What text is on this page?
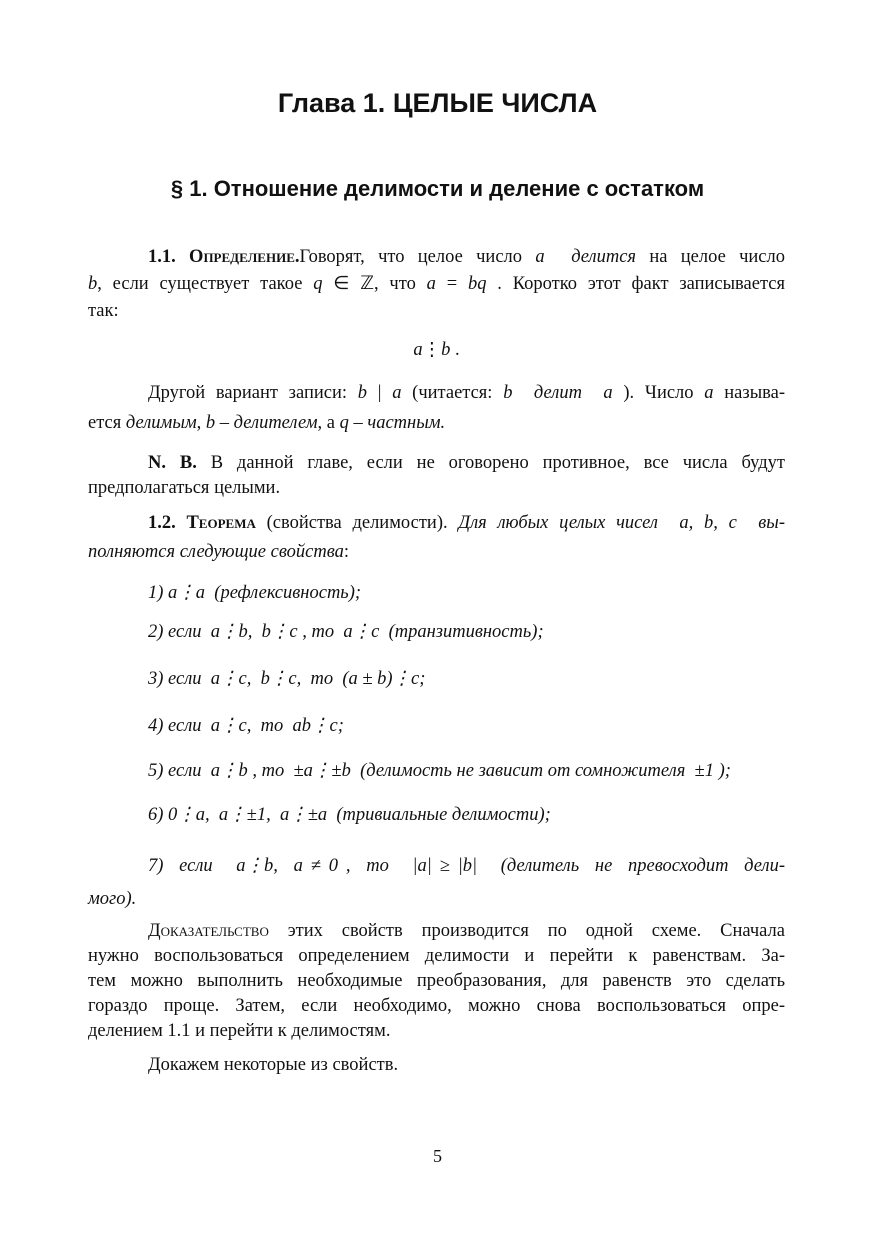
Глава 1. ЦЕЛЫЕ ЧИСЛА
§ 1. Отношение делимости и деление с остатком
1.1. Определение.Говорят, что целое число a  делится на целое число
b, если существует такое q ∈ ℤ, что a = bq . Коротко этот факт записывается
так:
a⋮b .
Другой вариант записи: b | a (читается: b  делит  a ). Число a называ-
ется делимым, b – делителем, а q – частным.
N. B. В данной главе, если не оговорено противное, все числа будут
предполагаться целыми.
1.2. Теорема (свойства делимости). Для любых целых чисел  a, b, c  вы-
полняются следующие свойства:
1) a⋮a  (рефлексивность);
2) если  a⋮b,  b⋮c , то  a⋮c  (транзитивность);
3) если  a⋮c,  b⋮c,  то  (a ± b)⋮c;
4) если  a⋮c,  то  ab⋮c;
5) если  a⋮b , то  ±a⋮±b  (делимость не зависит от сомножителя  ±1 );
6) 0⋮a,  a⋮±1,  a⋮±a  (тривиальные делимости);
7)  если   a⋮b,  a ≠ 0 ,  то   |a| ≥ |b|   (делитель  не  превосходит  дели-
мого).
Доказательство этих свойств производится по одной схеме. Сначала
нужно воспользоваться определением делимости и перейти к равенствам. За-
тем можно выполнить необходимые преобразования, для равенств это сделать
гораздо проще. Затем, если необходимо, можно снова воспользоваться опре-
делением 1.1 и перейти к делимостям.
Докажем некоторые из свойств.
5
